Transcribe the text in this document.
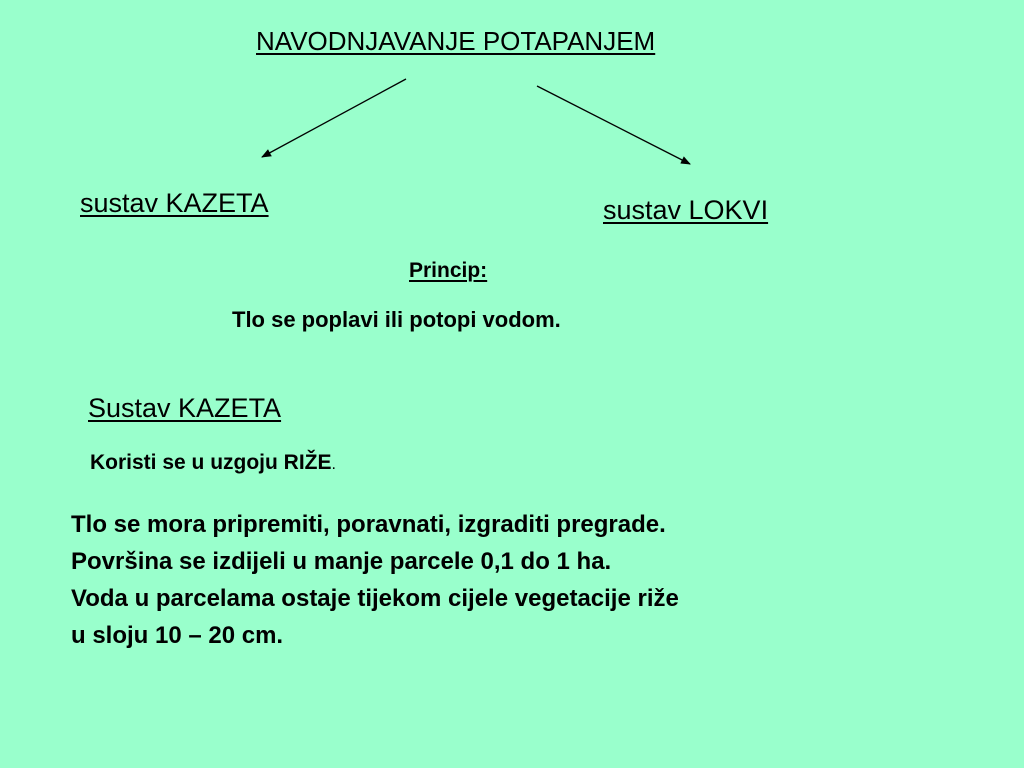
NAVODNJAVANJE POTAPANJEM
sustav KAZETA	sustav LOKVI
Princip:
Tlo se poplavi ili potopi vodom.
Sustav KAZETA
Koristi se u uzgoju RIŽE.
Tlo se mora pripremiti, poravnati, izgraditi pregrade.
Površina se izdijeli u manje parcele 0,1 do 1 ha.
Voda u parcelama ostaje tijekom cijele vegetacije riže
u sloju 10 – 20 cm.
